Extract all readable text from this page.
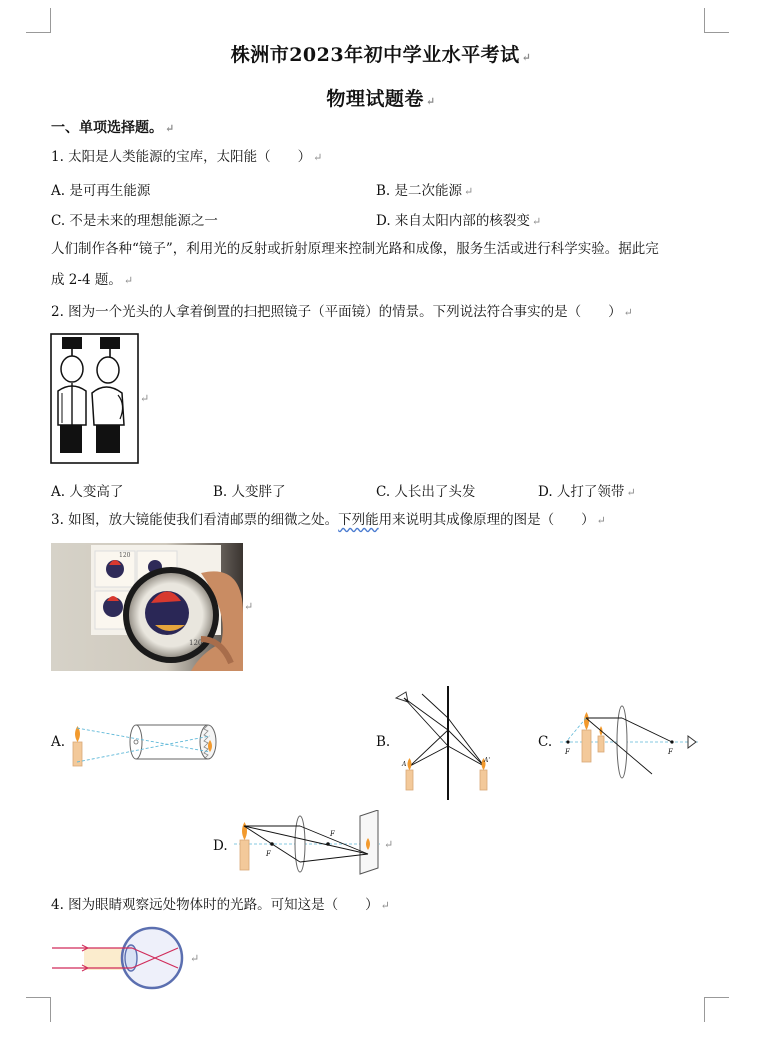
株洲市2023年初中学业水平考试 ↵
物理试题卷 ↵
一、单项选择题。 ↵
1. 太阳是人类能源的宝库，太阳能（　　） ↵
A. 是可再生能源	B. 是二次能源 ↵
C. 不是未来的理想能源之一	D. 来自太阳内部的核裂变 ↵
人们制作各种“镜子”，利用光的反射或折射原理来控制光路和成像，服务生活或进行科学实验。据此完
成 2-4 题。 ↵
2. 图为一个光头的人拿着倒置的扫把照镜子（平面镜）的情景。下列说法符合事实的是（　　） ↵
↵
A. 人变高了	B. 人变胖了	C. 人长出了头发	D. 人打了领带 ↵
3. 如图，放大镜能使我们看清邮票的细微之处。下列能用来说明其成像原理的图是（　　） ↵
120
120
↵
A.	B.
A
A'
C.
F	F
D.
F
F
↵
4. 图为眼睛观察远处物体时的光路。可知这是（　　） ↵
↵
